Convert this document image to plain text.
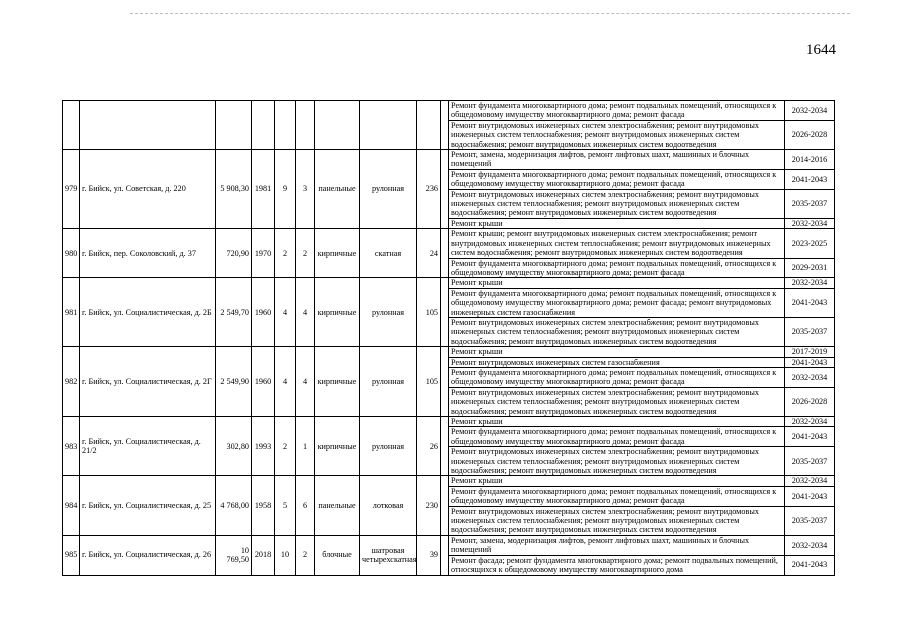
1644
										Ремонт фундамента многоквартирного дома; ремонт подвальных помещений, относящихся к общедомовому имуществу многоквартирного дома; ремонт фасада	2032-2034
										Ремонт внутридомовых инженерных систем электроснабжения; ремонт внутридомовых инженерных систем теплоснабжения; ремонт внутридомовых инженерных систем водоснабжения; ремонт внутридомовых инженерных систем водоотведения	2026-2028
979	г. Бийск, ул. Советская, д. 220	5 908,30	1981	9	3	панельные	рулонная	236		Ремонт, замена, модернизация лифтов, ремонт лифтовых шахт, машинных и блочных помещений	2014-2016
										Ремонт фундамента многоквартирного дома; ремонт подвальных помещений, относящихся к общедомовому имуществу многоквартирного дома; ремонт фасада	2041-2043
										Ремонт внутридомовых инженерных систем электроснабжения; ремонт внутридомовых инженерных систем теплоснабжения; ремонт внутридомовых инженерных систем водоснабжения; ремонт внутридомовых инженерных систем водоотведения	2035-2037
										Ремонт крыши	2032-2034
980	г. Бийск, пер. Соколовский, д. 37	720,90	1970	2	2	кирпичные	скатная	24		Ремонт крыши; ремонт внутридомовых инженерных систем электроснабжения; ремонт внутридомовых инженерных систем теплоснабжения; ремонт внутридомовых инженерных систем водоснабжения; ремонт внутридомовых инженерных систем водоотведения	2023-2025
										Ремонт фундамента многоквартирного дома; ремонт подвальных помещений, относящихся к общедомовому имуществу многоквартирного дома; ремонт фасада	2029-2031
981	г. Бийск, ул. Социалистическая, д. 2Б	2 549,70	1960	4	4	кирпичные	рулонная	105		Ремонт крыши	2032-2034
										Ремонт фундамента многоквартирного дома; ремонт подвальных помещений, относящихся к общедомовому имуществу многоквартирного дома; ремонт фасада; ремонт внутридомовых инженерных систем газоснабжения	2041-2043
										Ремонт внутридомовых инженерных систем электроснабжения; ремонт внутридомовых инженерных систем теплоснабжения; ремонт внутридомовых инженерных систем водоснабжения; ремонт внутридомовых инженерных систем водоотведения	2035-2037
982	г. Бийск, ул. Социалистическая, д. 2Г	2 549,90	1960	4	4	кирпичные	рулонная	105		Ремонт крыши	2017-2019
										Ремонт внутридомовых инженерных систем газоснабжения	2041-2043
										Ремонт фундамента многоквартирного дома; ремонт подвальных помещений, относящихся к общедомовому имуществу многоквартирного дома; ремонт фасада	2032-2034
										Ремонт внутридомовых инженерных систем электроснабжения; ремонт внутридомовых инженерных систем теплоснабжения; ремонт внутридомовых инженерных систем водоснабжения; ремонт внутридомовых инженерных систем водоотведения	2026-2028
983	г. Бийск, ул. Социалистическая, д. 21/2	302,80	1993	2	1	кирпичные	рулонная	26		Ремонт крыши	2032-2034
										Ремонт фундамента многоквартирного дома; ремонт подвальных помещений, относящихся к общедомовому имуществу многоквартирного дома; ремонт фасада	2041-2043
										Ремонт внутридомовых инженерных систем электроснабжения; ремонт внутридомовых инженерных систем теплоснабжения; ремонт внутридомовых инженерных систем водоснабжения; ремонт внутридомовых инженерных систем водоотведения	2035-2037
984	г. Бийск, ул. Социалистическая, д. 25	4 768,00	1958	5	6	панельные	лотковая	230		Ремонт крыши	2032-2034
										Ремонт фундамента многоквартирного дома; ремонт подвальных помещений, относящихся к общедомовому имуществу многоквартирного дома; ремонт фасада	2041-2043
										Ремонт внутридомовых инженерных систем электроснабжения; ремонт внутридомовых инженерных систем теплоснабжения; ремонт внутридомовых инженерных систем водоснабжения; ремонт внутридомовых инженерных систем водоотведения	2035-2037
985	г. Бийск, ул. Социалистическая, д. 26	10 769,50	2018	10	2	блочные	шатровая четырехскатная	39		Ремонт, замена, модернизация лифтов, ремонт лифтовых шахт, машинных и блочных помещений	2032-2034
										Ремонт фасада; ремонт фундамента многоквартирного дома; ремонт подвальных помещений, относящихся к общедомовому имуществу многоквартирного дома	2041-2043
